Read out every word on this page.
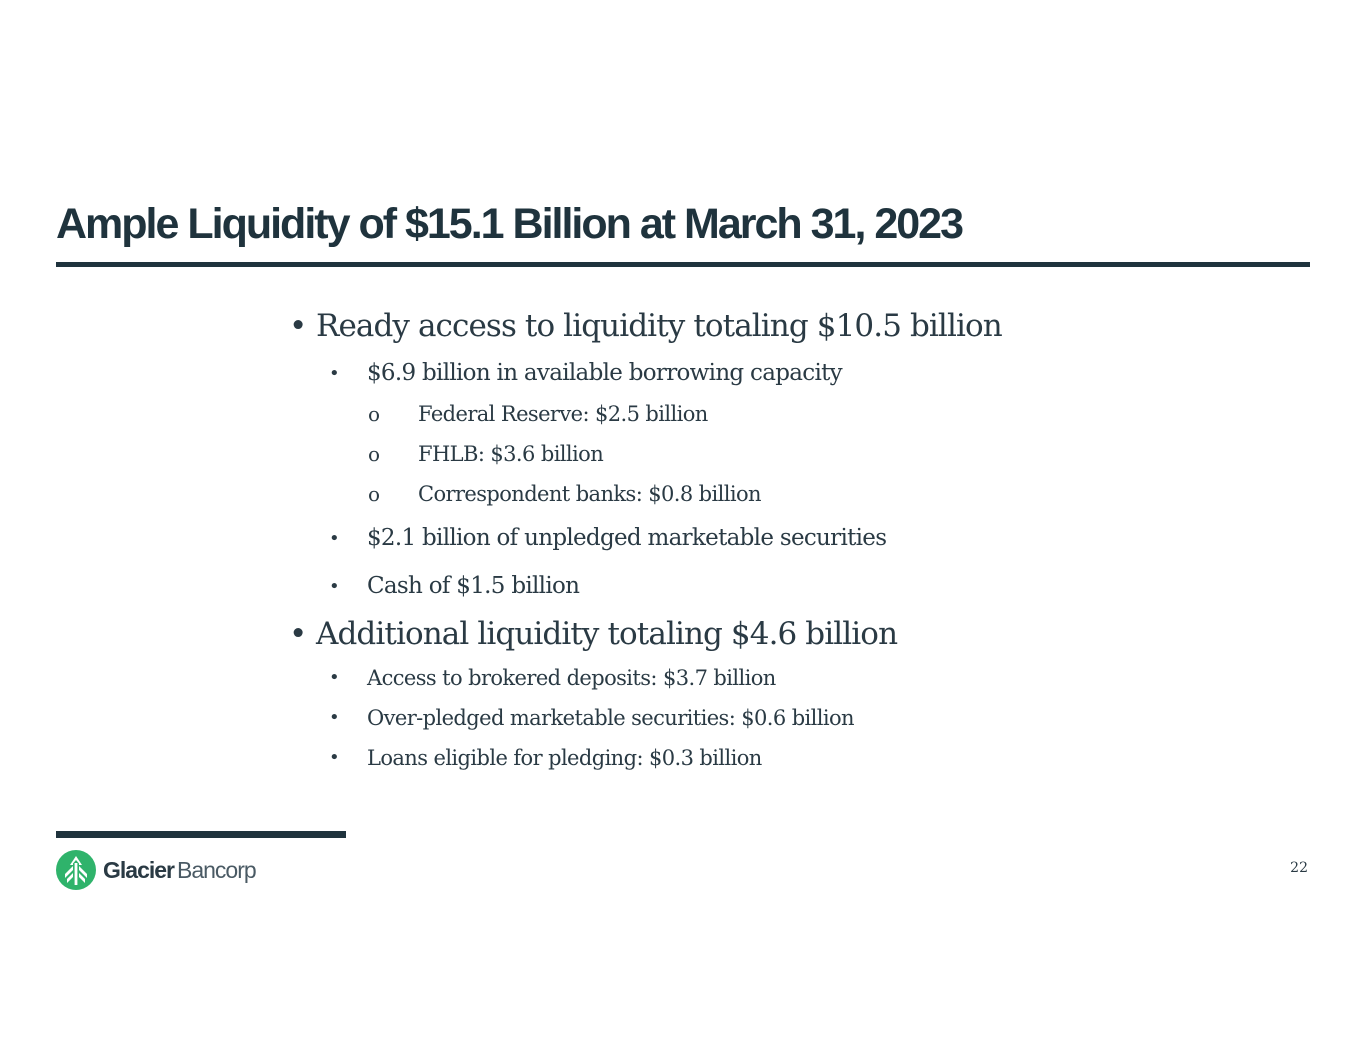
Ample Liquidity of $15.1 Billion at March 31, 2023
• Ready access to liquidity totaling $10.5 billion
• $6.9 billion in available borrowing capacity
o Federal Reserve: $2.5 billion
o FHLB: $3.6 billion
o Correspondent banks: $0.8 billion
• $2.1 billion of unpledged marketable securities
• Cash of $1.5 billion
• Additional liquidity totaling $4.6 billion
• Access to brokered deposits: $3.7 billion
• Over-pledged marketable securities: $0.6 billion
• Loans eligible for pledging: $0.3 billion
Glacier Bancorp	22
